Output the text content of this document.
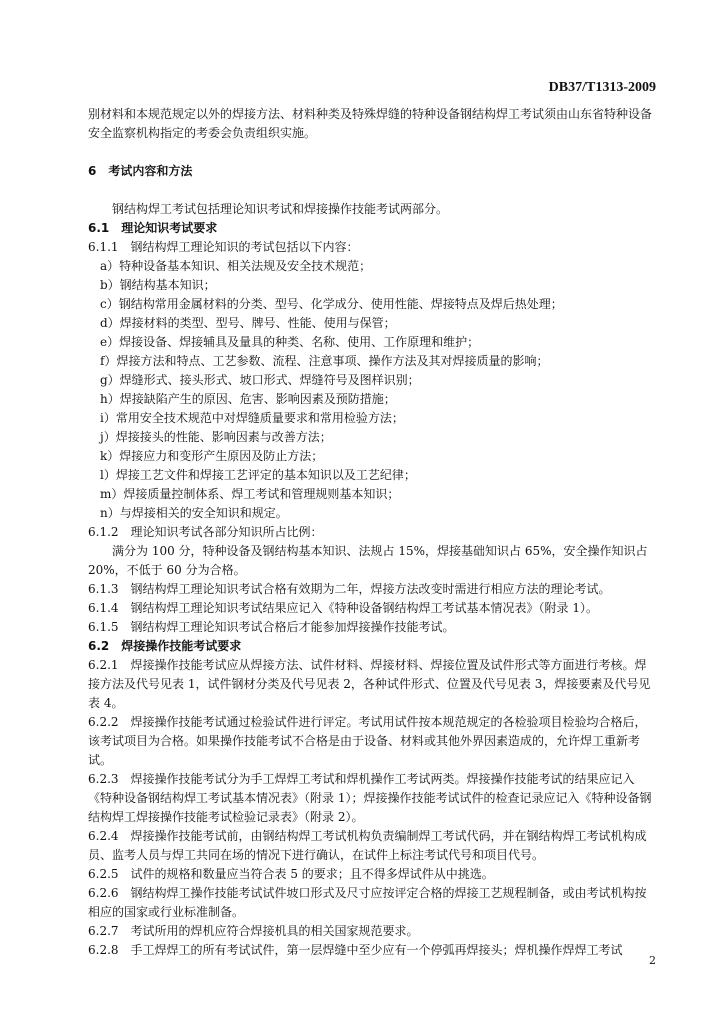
DB37/T1313-2009

别材料和本规范规定以外的焊接方法、材料种类及特殊焊缝的特种设备钢结构焊工考试须由山东省特种设备安全监察机构指定的考委会负责组织实施。

6　考试内容和方法

钢结构焊工考试包括理论知识考试和焊接操作技能考试两部分。

6.1　理论知识考试要求

6.1.1　钢结构焊工理论知识的考试包括以下内容：

a）特种设备基本知识、相关法规及安全技术规范；

b）钢结构基本知识；

c）钢结构常用金属材料的分类、型号、化学成分、使用性能、焊接特点及焊后热处理；

d）焊接材料的类型、型号、牌号、性能、使用与保管；

e）焊接设备、焊接辅具及量具的种类、名称、使用、工作原理和维护；

f）焊接方法和特点、工艺参数、流程、注意事项、操作方法及其对焊接质量的影响；

g）焊缝形式、接头形式、坡口形式、焊缝符号及图样识别；

h）焊接缺陷产生的原因、危害、影响因素及预防措施；

i）常用安全技术规范中对焊缝质量要求和常用检验方法；

j）焊接接头的性能、影响因素与改善方法；

k）焊接应力和变形产生原因及防止方法；

l）焊接工艺文件和焊接工艺评定的基本知识以及工艺纪律；

m）焊接质量控制体系、焊工考试和管理规则基本知识；

n）与焊接相关的安全知识和规定。

6.1.2　理论知识考试各部分知识所占比例：

满分为 100 分，特种设备及钢结构基本知识、法规占 15%，焊接基础知识占 65%，安全操作知识占 20%，不低于 60 分为合格。

6.1.3　钢结构焊工理论知识考试合格有效期为二年，焊接方法改变时需进行相应方法的理论考试。

6.1.4　钢结构焊工理论知识考试结果应记入《特种设备钢结构焊工考试基本情况表》（附录 1）。

6.1.5　钢结构焊工理论知识考试合格后才能参加焊接操作技能考试。

6.2　焊接操作技能考试要求

6.2.1　焊接操作技能考试应从焊接方法、试件材料、焊接材料、焊接位置及试件形式等方面进行考核。焊接方法及代号见表 1，试件钢材分类及代号见表 2，各种试件形式、位置及代号见表 3，焊接要素及代号见表 4。

6.2.2　焊接操作技能考试通过检验试件进行评定。考试用试件按本规范规定的各检验项目检验均合格后，该考试项目为合格。如果操作技能考试不合格是由于设备、材料或其他外界因素造成的，允许焊工重新考试。

6.2.3　焊接操作技能考试分为手工焊焊工考试和焊机操作工考试两类。焊接操作技能考试的结果应记入《特种设备钢结构焊工考试基本情况表》（附录 1）；焊接操作技能考试试件的检查记录应记入《特种设备钢结构焊工焊接操作技能考试检验记录表》（附录 2）。

6.2.4　焊接操作技能考试前，由钢结构焊工考试机构负责编制焊工考试代码，并在钢结构焊工考试机构成员、监考人员与焊工共同在场的情况下进行确认，在试件上标注考试代号和项目代号。

6.2.5　试件的规格和数量应当符合表 5 的要求；且不得多焊试件从中挑选。

6.2.6　钢结构焊工操作技能考试试件坡口形式及尺寸应按评定合格的焊接工艺规程制备，或由考试机构按相应的国家或行业标准制备。

6.2.7　考试所用的焊机应符合焊接机具的相关国家规范要求。

6.2.8　手工焊焊工的所有考试试件，第一层焊缝中至少应有一个停弧再焊接头；焊机操作焊焊工考试

2
